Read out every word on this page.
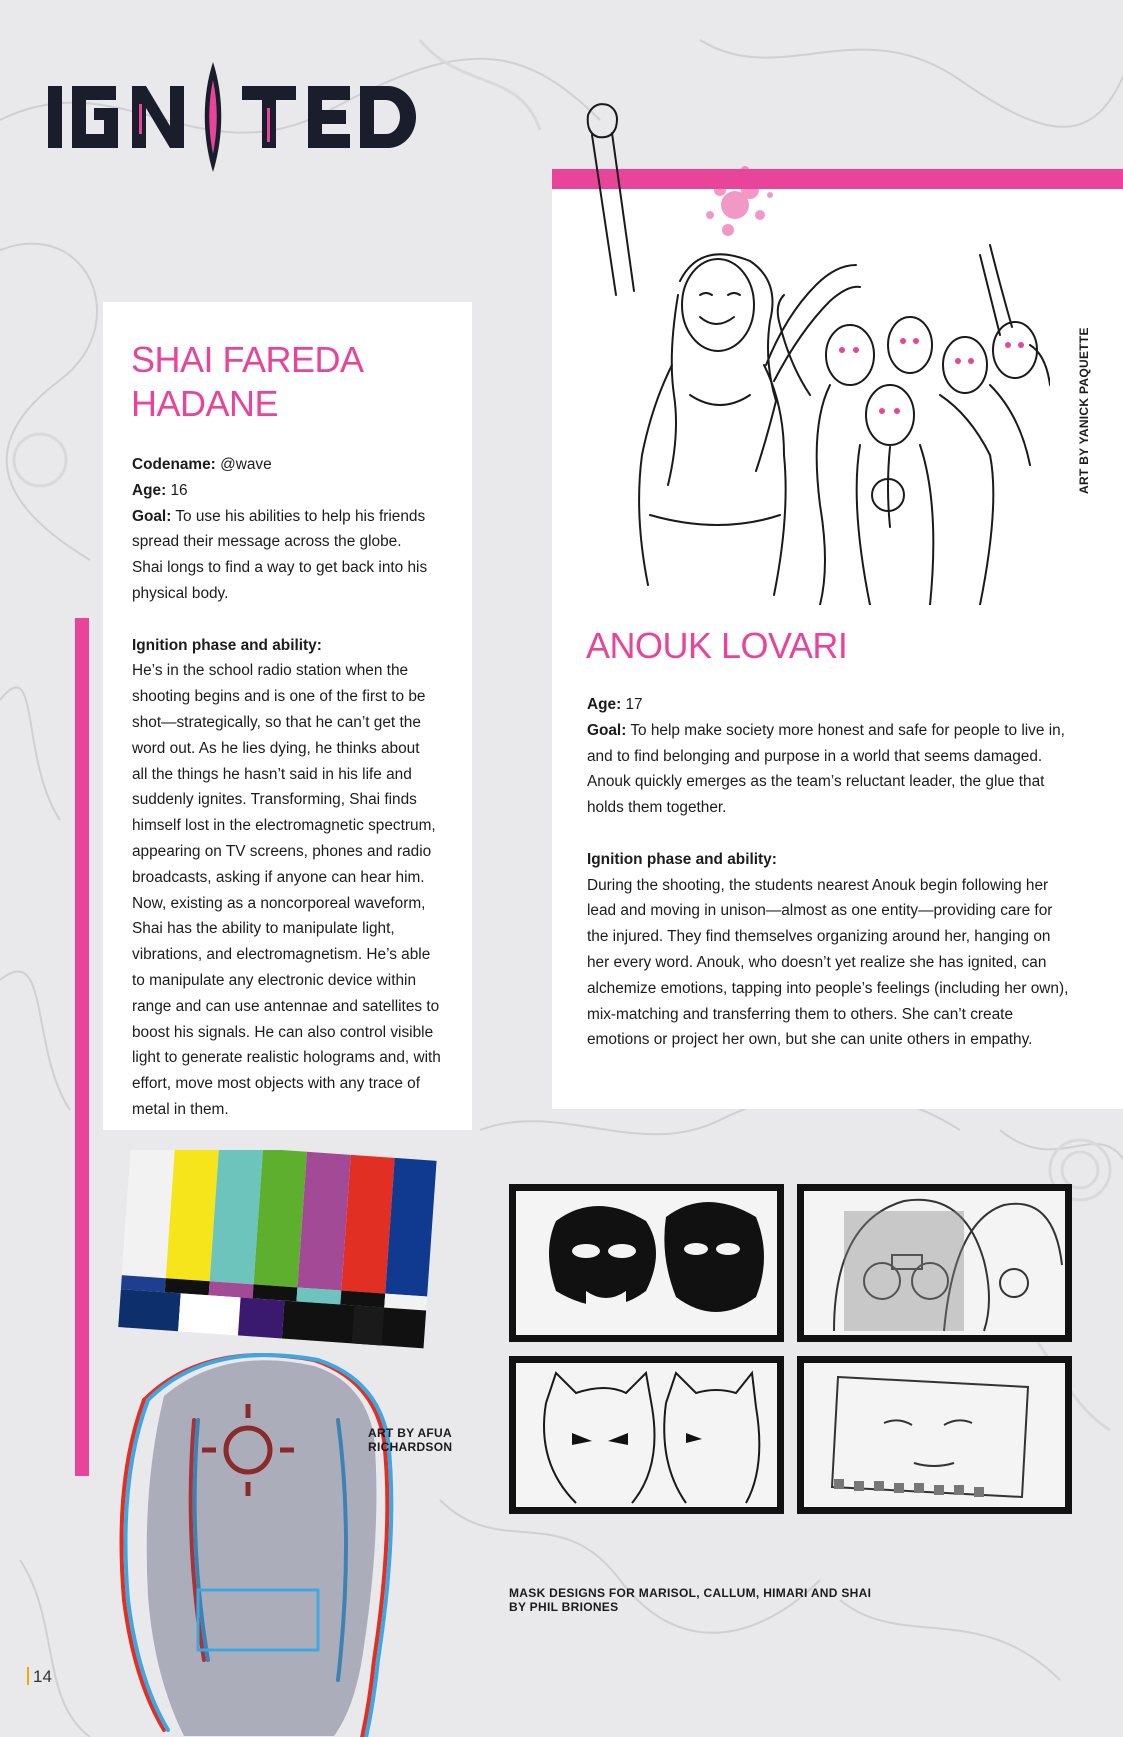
SHAI FAREDA
HADANE

Codename: @wave

Age: 16

Goal: To use his abilities to help his friends

spread their message across the globe.

Shai longs to find a way to get back into his

physical body.

Ignition phase and ability:

He’s in the school radio station when the

shooting begins and is one of the first to be

shot—strategically, so that he can’t get the

word out. As he lies dying, he thinks about

all the things he hasn’t said in his life and

suddenly ignites. Transforming, Shai finds

himself lost in the electromagnetic spectrum,

appearing on TV screens, phones and radio

broadcasts, asking if anyone can hear him.

Now, existing as a noncorporeal waveform,

Shai has the ability to manipulate light,

vibrations, and electromagnetism. He’s able

to manipulate any electronic device within

range and can use antennae and satellites to

boost his signals. He can also control visible

light to generate realistic holograms and, with

effort, move most objects with any trace of

metal in them.

ART BY YANICK PAQUETTE
ANOUK LOVARI

Age: 17

Goal: To help make society more honest and safe for people to live in,

and to find belonging and purpose in a world that seems damaged.

Anouk quickly emerges as the team’s reluctant leader, the glue that

holds them together.

Ignition phase and ability:

During the shooting, the students nearest Anouk begin following her

lead and moving in unison—almost as one entity—providing care for

the injured. They find themselves organizing around her, hanging on

her every word. Anouk, who doesn’t yet realize she has ignited, can

alchemize emotions, tapping into people’s feelings (including her own),

mix-matching and transferring them to others. She can’t create

emotions or project her own, but she can unite others in empathy.

ART BY AFUA
RICHARDSON
MASK DESIGNS FOR MARISOL, CALLUM, HIMARI AND SHAI
BY PHIL BRIONES
14
